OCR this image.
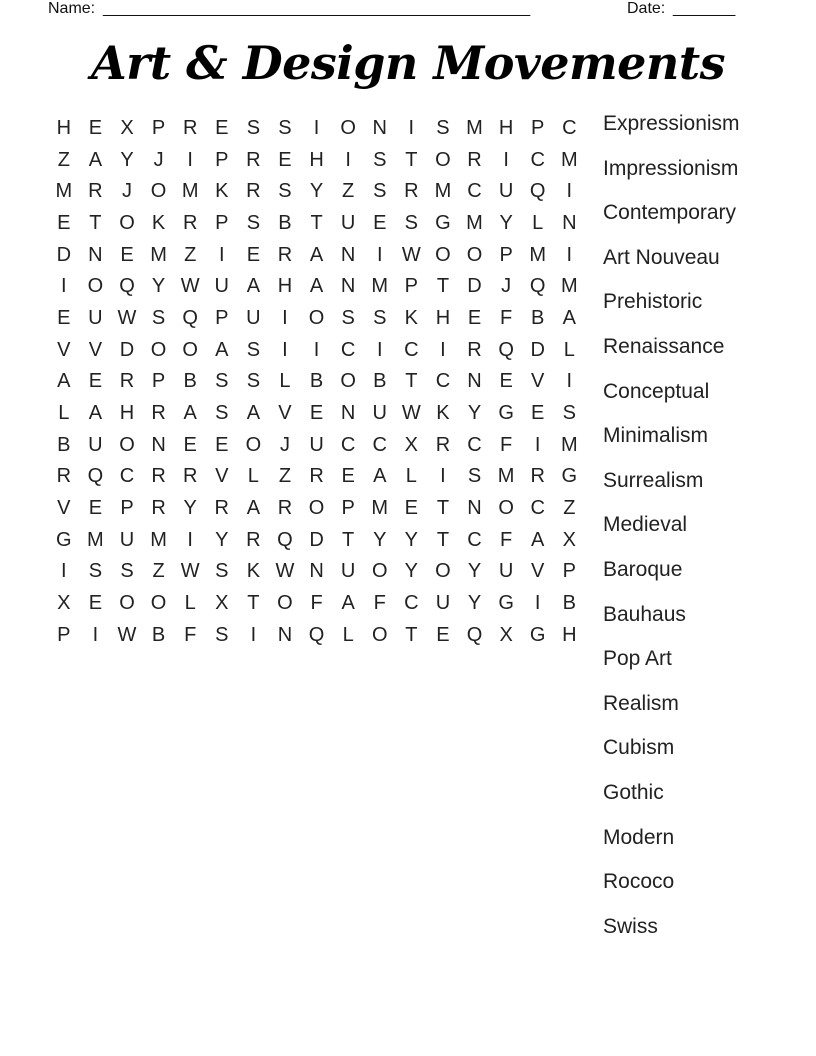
Name: ________________________________________________	Date: _______
Art & Design Movements
H E X P R E S S	I	O N	I	S M H P C
Z A Y J	I	P R E H	I	S T O R	I	C M
M R J O M K R S Y Z S R M C U Q	I
E T O K R P S B T U E S G M Y L N
D N E M Z	I	E R A N	I W O O P M	I
I	O Q Y W U A H A N M P T D J Q M
E U W S Q P U	I	O S S K H E F B A
V V D O O A S	I	I	C	I	C	I	R Q D L
A E R P B S S L B O B T C N E V	I
L A H R A S A V E N U W K Y G E S
B U O N E E O J U C C X R C F	I	M
R Q C R R V L Z R E A L	I	S M R G
V E P R Y R A R O P M E T N O C Z
G M U M	I	Y R Q D T Y Y T C F A X
I	S S Z W S K W N U O Y O Y U V P
X E O O L X T O F A F C U Y G	I	B
P	I W B F S	I	N Q L O T E Q X G H
Expressionism
Impressionism
Contemporary
Art Nouveau
Prehistoric
Renaissance
Conceptual
Minimalism
Surrealism
Medieval
Baroque
Bauhaus
Pop Art
Realism
Cubism
Gothic
Modern
Rococo
Swiss
